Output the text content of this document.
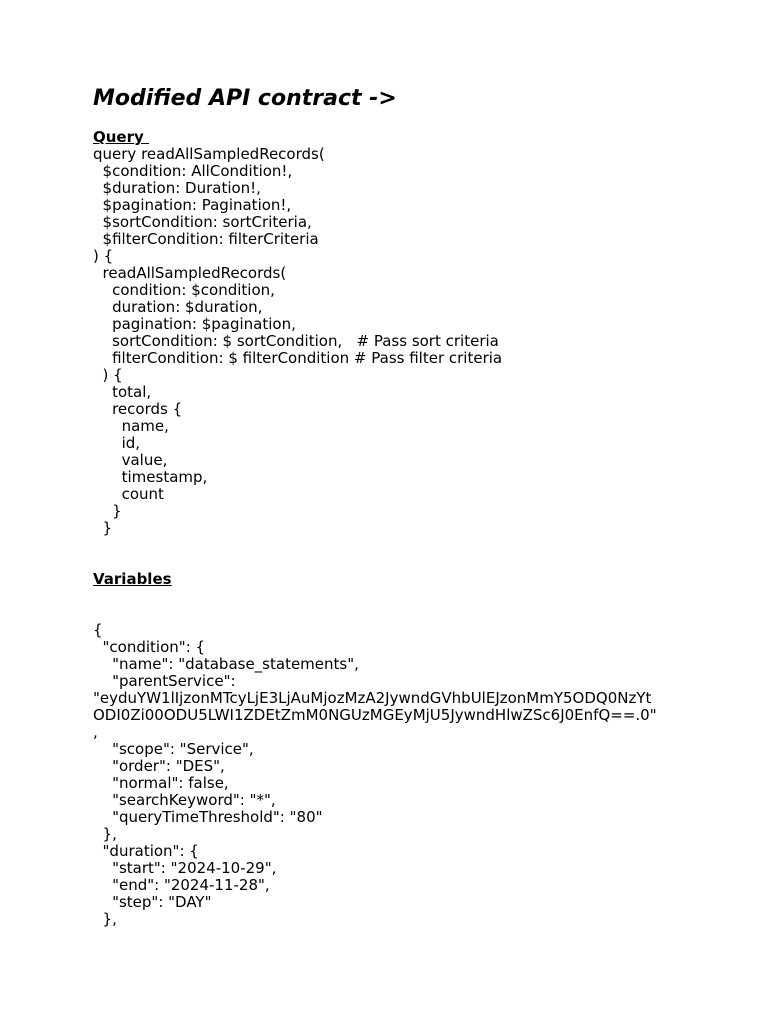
Modified API contract ->
Query
query readAllSampledRecords(
$condition: AllCondition!,
$duration: Duration!,
$pagination: Pagination!,
$sortCondition: sortCriteria,
$filterCondition: filterCriteria
) {
readAllSampledRecords(
condition: $condition,
duration: $duration,
pagination: $pagination,
sortCondition: $ sortCondition,   # Pass sort criteria
filterCondition: $ filterCondition # Pass filter criteria
) {
total,
records {
name,
id,
value,
timestamp,
count
}
}
Variables
{
"condition": {
"name": "database_statements",
"parentService":
"eyduYW1lIjzonMTcyLjE3LjAuMjozMzA2JywndGVhbUlEJzonMmY5ODQ0NzYt
ODI0Zi00ODU5LWI1ZDEtZmM0NGUzMGEyMjU5JywndHlwZSc6J0EnfQ==.0"
,
"scope": "Service",
"order": "DES",
"normal": false,
"searchKeyword": "*",
"queryTimeThreshold": "80"
},
"duration": {
"start": "2024-10-29",
"end": "2024-11-28",
"step": "DAY"
},
